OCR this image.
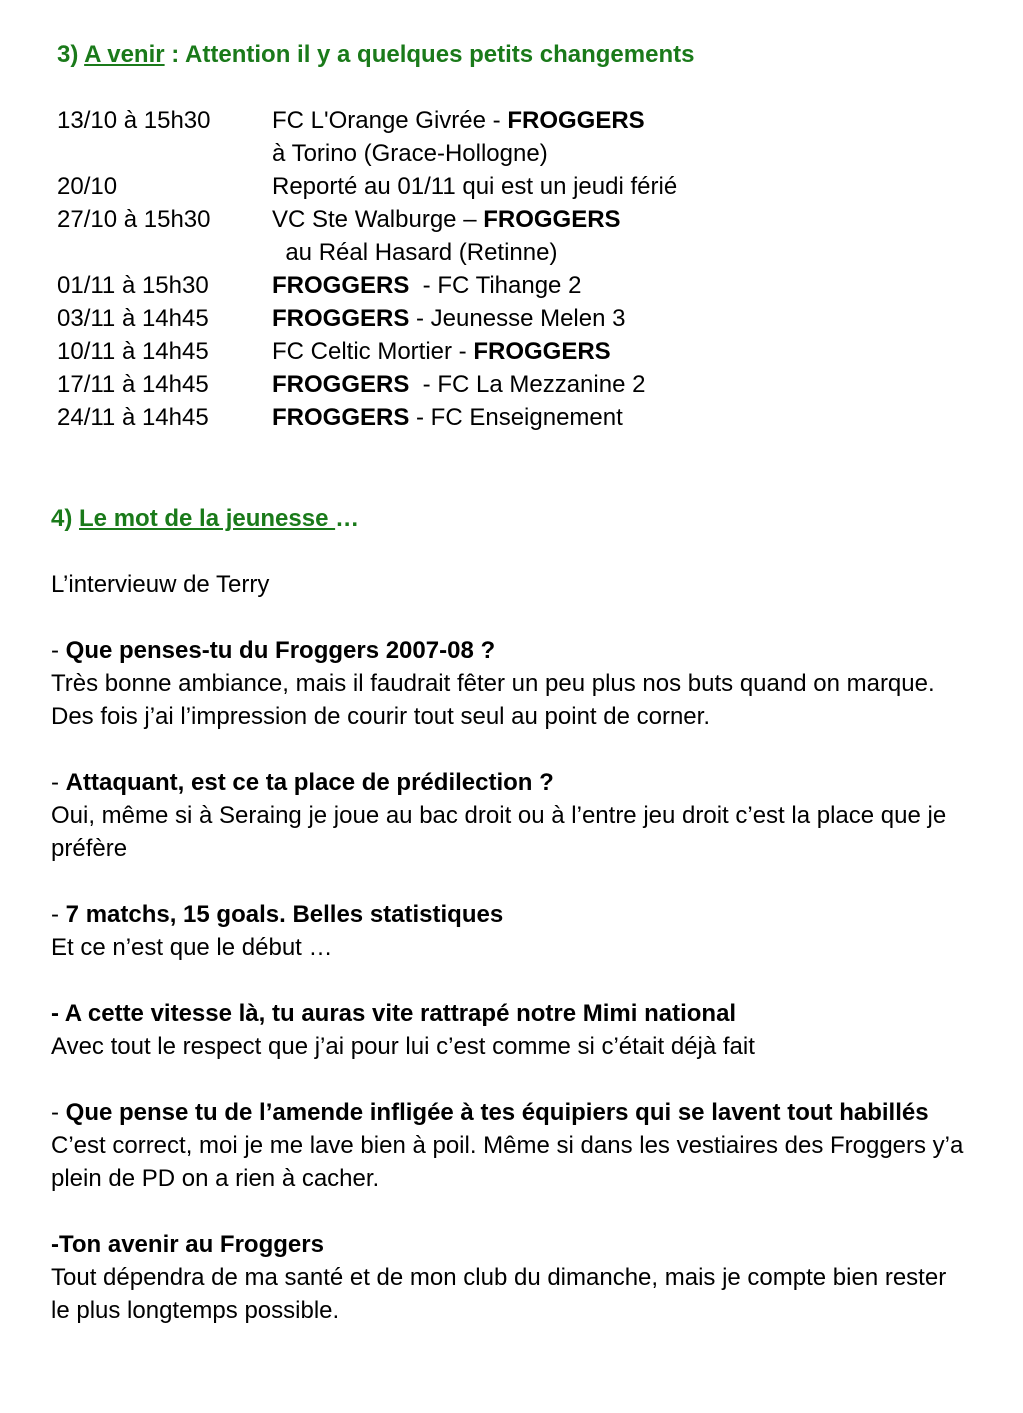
3) A venir : Attention il y a quelques petits changements
13/10 à 15h30	FC L'Orange Givrée - FROGGERS
à Torino (Grace-Hollogne)
20/10	Reporté au 01/11 qui est un jeudi férié
27/10 à 15h30	VC Ste Walburge – FROGGERS
au Réal Hasard (Retinne)
01/11 à 15h30	FROGGERS  - FC Tihange 2
03/11 à 14h45	FROGGERS - Jeunesse Melen 3
10/11 à 14h45	FC Celtic Mortier - FROGGERS
17/11 à 14h45	FROGGERS  - FC La Mezzanine 2
24/11 à 14h45	FROGGERS - FC Enseignement

4) Le mot de la jeunesse …

L’intervieuw de Terry

- Que penses-tu du Froggers 2007-08 ?

Très bonne ambiance, mais il faudrait fêter un peu plus nos buts quand on marque. Des fois j’ai l’impression de courir tout seul au point de corner.

- Attaquant, est ce ta place de prédilection ?

Oui, même si à Seraing je joue au bac droit ou à l’entre jeu droit c’est la place que je préfère

- 7 matchs, 15 goals. Belles statistiques

Et ce n’est que le début …

- A cette vitesse là, tu auras vite rattrapé notre Mimi national

Avec tout le respect que j’ai pour lui c’est comme si c’était déjà fait

- Que pense tu de l’amende infligée à tes équipiers qui se lavent tout habillés

C’est correct, moi je me lave bien à poil. Même si dans les vestiaires des Froggers y’a plein de PD on a rien à cacher.

-Ton avenir au Froggers

Tout dépendra de ma santé et de mon club du dimanche, mais je compte bien rester le plus longtemps possible.
